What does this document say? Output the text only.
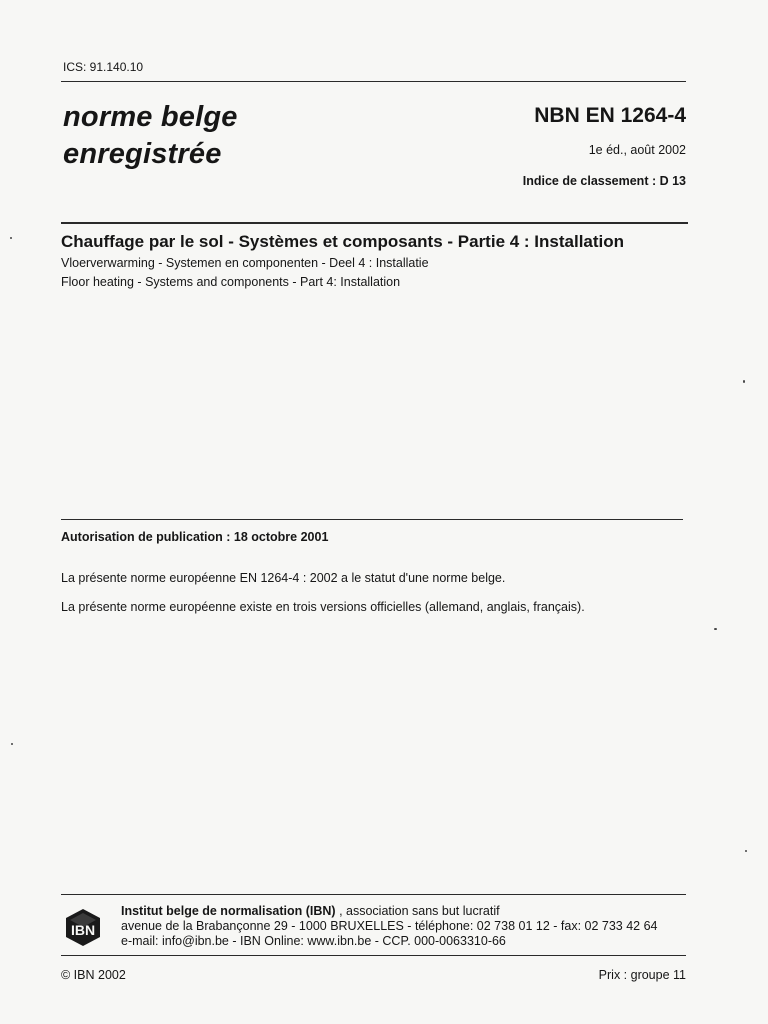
ICS: 91.140.10
norme belge
enregistrée
NBN EN 1264-4
1e éd., août 2002
Indice de classement : D 13
Chauffage par le sol - Systèmes et composants - Partie 4 : Installation
Vloerverwarming - Systemen en componenten - Deel 4 : Installatie
Floor heating - Systems and components - Part 4: Installation
Autorisation de publication : 18 octobre 2001
La présente norme européenne EN 1264-4 : 2002 a le statut d'une norme belge.
La présente norme européenne existe en trois versions officielles (allemand, anglais, français).
IBN
Institut belge de normalisation (IBN) , association sans but lucratif
avenue de la Brabançonne 29 - 1000 BRUXELLES - téléphone: 02 738 01 12 - fax: 02 733 42 64
e-mail: info@ibn.be - IBN Online: www.ibn.be - CCP. 000-0063310-66
© IBN 2002	Prix : groupe 11
